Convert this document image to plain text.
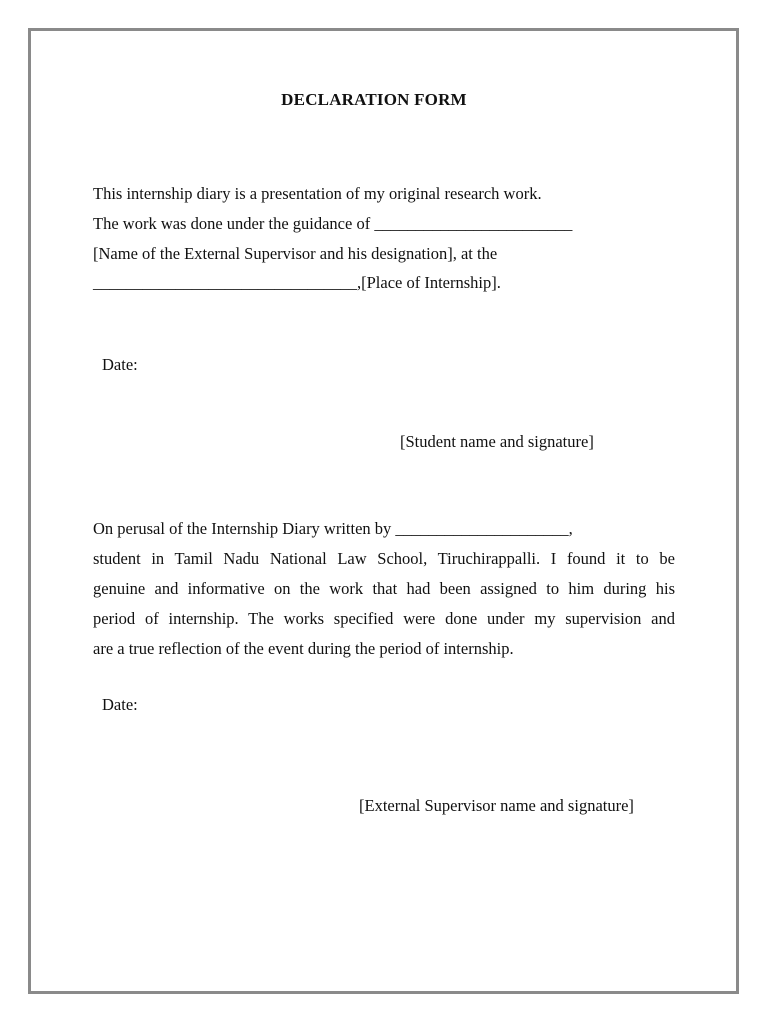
DECLARATION FORM
This internship diary is a presentation of my original research work.
The work was done under the guidance of ________________________
[Name of the External Supervisor and his designation], at the
________________________________,[Place of Internship].
Date:
[Student name and signature]
On perusal of the Internship Diary written by _____________________,
student in Tamil Nadu National Law School, Tiruchirappalli. I found it to be
genuine and informative on the work that had been assigned to him during his
period of internship. The works specified were done under my supervision and
are a true reflection of the event during the period of internship.
Date:
[External Supervisor name and signature]
